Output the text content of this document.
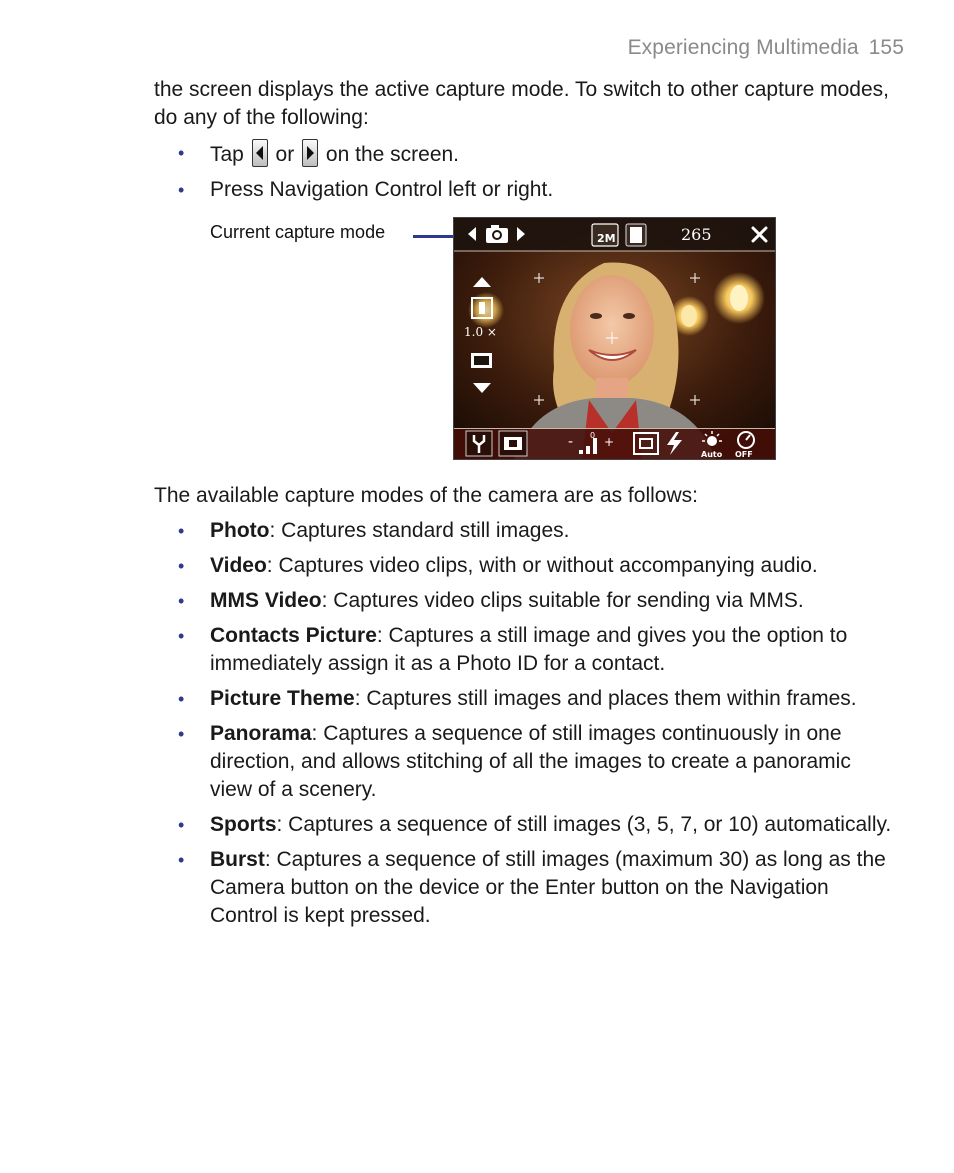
Experiencing Multimedia 155
the screen displays the active capture mode. To switch to other capture modes, do any of the following:
• Tap or on the screen.
• Press Navigation Control left or right.
Current capture mode	2M	265
1.0 ×
- 0 +
Auto OFF
The available capture modes of the camera are as follows:
• Photo: Captures standard still images.
• Video: Captures video clips, with or without accompanying audio.
• MMS Video: Captures video clips suitable for sending via MMS.
• Contacts Picture: Captures a still image and gives you the option to immediately assign it as a Photo ID for a contact.
• Picture Theme: Captures still images and places them within frames.
• Panorama: Captures a sequence of still images continuously in one direction, and allows stitching of all the images to create a panoramic view of a scenery.
• Sports: Captures a sequence of still images (3, 5, 7, or 10) automatically.
• Burst: Captures a sequence of still images (maximum 30) as long as the Camera button on the device or the Enter button on the Navigation Control is kept pressed.
